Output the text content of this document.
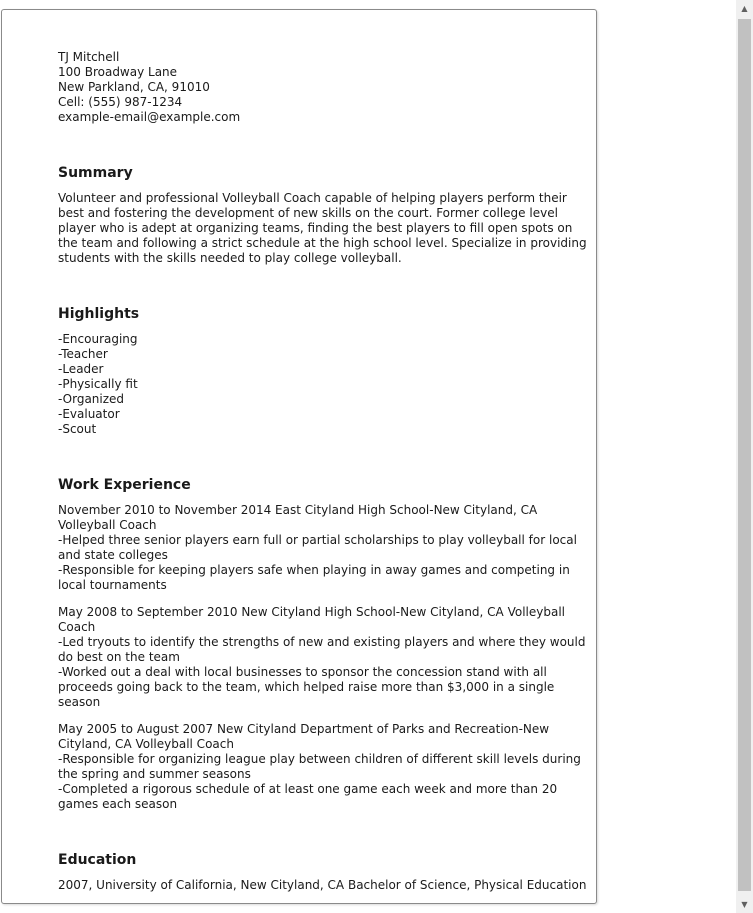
TJ Mitchell
100 Broadway Lane
New Parkland, CA, 91010
Cell: (555) 987-1234
example-email@example.com
Summary

Volunteer and professional Volleyball Coach capable of helping players perform their best and fostering the development of new skills on the court. Former college level player who is adept at organizing teams, finding the best players to fill open spots on the team and following a strict schedule at the high school level. Specialize in providing students with the skills needed to play college volleyball.

Highlights
-Encouraging
-Teacher
-Leader
-Physically fit
-Organized
-Evaluator
-Scout
Work Experience
November 2010 to November 2014 East Cityland High School-New Cityland, CA Volleyball Coach
-Helped three senior players earn full or partial scholarships to play volleyball for local and state colleges
-Responsible for keeping players safe when playing in away games and competing in local tournaments
May 2008 to September 2010 New Cityland High School-New Cityland, CA Volleyball Coach
-Led tryouts to identify the strengths of new and existing players and where they would do best on the team
-Worked out a deal with local businesses to sponsor the concession stand with all proceeds going back to the team, which helped raise more than $3,000 in a single season
May 2005 to August 2007 New Cityland Department of Parks and Recreation-New Cityland, CA Volleyball Coach
-Responsible for organizing league play between children of different skill levels during the spring and summer seasons
-Completed a rigorous schedule of at least one game each week and more than 20 games each season
Education

2007, University of California, New Cityland, CA Bachelor of Science, Physical Education

▲
▼
